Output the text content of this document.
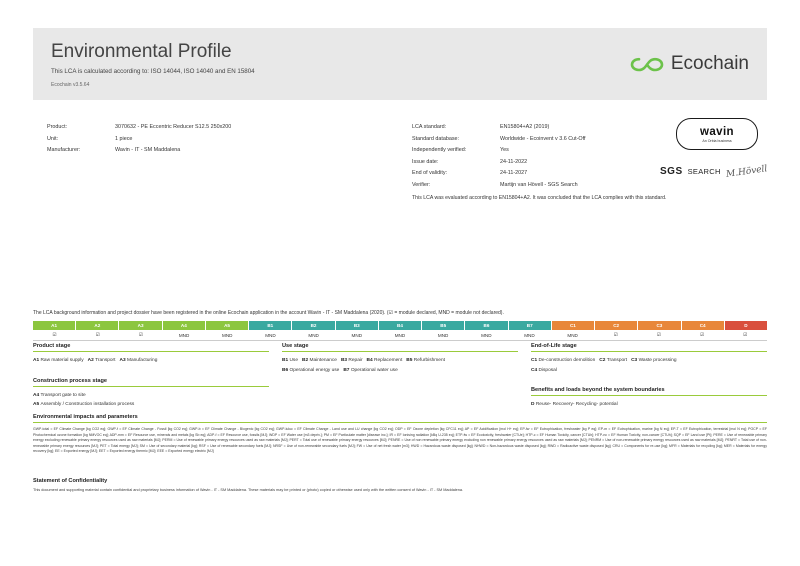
Environmental Profile
This LCA is calculated according to: ISO 14044, ISO 14040 and EN 15804
Ecochain v3.5.64
Ecochain
Product:	3070632 - PE Eccentric Reducer S12.5 250x200
Unit:	1 piece
Manufacturer:	Wavin - IT - SM Maddalena
LCA standard:	EN15804+A2 (2019)
Standard database:	Worldwide - Ecoinvent v 3.6 Cut-Off
Independently verified:	Yes
Issue date:	24-11-2022
End of validity:	24-11-2027
Verifier:	Martijn van Hövell - SGS Search
This LCA was evaluated according to EN15804+A2. It was concluded that the LCA complies with this standard.
wavin
An Orbia business
SGS SEARCH M.Hövell
The LCA background information and project dossier have been registered in the online Ecochain application in the account Wavin - IT - SM Maddalena (2020). (☑ = module declared, MND = module not declared).
A1	A2	A3	A4	A5	B1	B2	B3	B4	B5	B6	B7	C1	C2	C3	C4	D
☑	☑	☑	MND	MND	MND	MND	MND	MND	MND	MND	MND	MND	☑	☑	☑	☑
Product stage
A1 Raw material supply A2 Transport A3 Manufacturing
Construction process stage
A4 Transport gate to site
A5 Assembly / Construction installation process
Use stage
B1 Use B2 Maintenance B3 Repair B4 Replacement B5 Refurbishment
B6 Operational energy use B7 Operational water use
End-of-Life stage
C1 De-construction demolition C2 Transport C3 Waste processing
C4 Disposal
Benefits and loads beyond the system boundaries
D Reuse- Recovery- Recycling- potential
Environmental impacts and parameters
GWP-total = EF Climate Change [kg CO2 eq]; GWP-f = EF Climate Change - Fossil [kg CO2 eq]; GWP-b = EF Climate Change - Biogenic [kg CO2 eq]; GWP-luluc = EF Climate Change - Land use and LU change [kg CO2 eq]; ODP = EF Ozone depletion [kg CFC11 eq]; AP = EF Acidification [mol H+ eq]; EP-fw = EF Eutrophication, freshwater [kg P eq]; EP-m = EF Eutrophication, marine [kg N eq]; EP-T = EF Eutrophication, terrestrial [mol N eq]; POCP = EF Photochemical ozone formation [kg NMVOC eq]; ADP-mm = EF Resource use, minerals and metals [kg Sb eq]; ADP-f = EF Resource use, fossils [MJ]; WDP = EF Water use [m3 depriv.]; PM = EF Particulate matter [disease inc.]; IR = EF Ionising radiation [kBq U-235 eq]; ETP-fw = EF Ecotoxicity, freshwater [CTUe]; HTP-c = EF Human Toxicity, cancer [CTUh]; HTP-nc = EF Human Toxicity, non-cancer [CTUh]; SQP = EF Land use [Pt]; PERE = Use of renewable primary energy excluding renewable primary energy resources used as raw materials [MJ]; PERM = Use of renewable primary energy resources used as raw materials [MJ]; PERT = Total use of renewable primary energy resources [MJ]; PENRE = Use of non renewable primary energy excluding non renewable primary energy resources used as raw materials [MJ]; PENRM = Use of non-renewable primary energy resources used as raw materials [MJ]; PENRT = Total use of non-renewable primary energy resources [MJ]; PET = Total energy [MJ]; SM = Use of secondary material [kg]; RSF = Use of renewable secondary fuels [MJ]; NRSF = Use of non-renewable secondary fuels [MJ]; FW = Use of net fresh water [m3]; HWD = Hazardous waste disposed [kg]; NHWD = Non-hazardous waste disposed [kg]; RWD = Radioactive waste disposed [kg]; CRU = Components for re-use [kg]; MFR = Materials for recycling [kg]; MER = Materials for energy recovery [kg]; EE = Exported energy [MJ]; EET = Exported energy thermic [MJ]; EEE = Exported energy electric [MJ]
Statement of Confidentiality
This document and supporting material contain confidential and proprietary business information of Wavin - IT - SM Maddalena. These materials may be printed or (photo) copied or otherwise used only with the written consent of Wavin - IT - SM Maddalena.
